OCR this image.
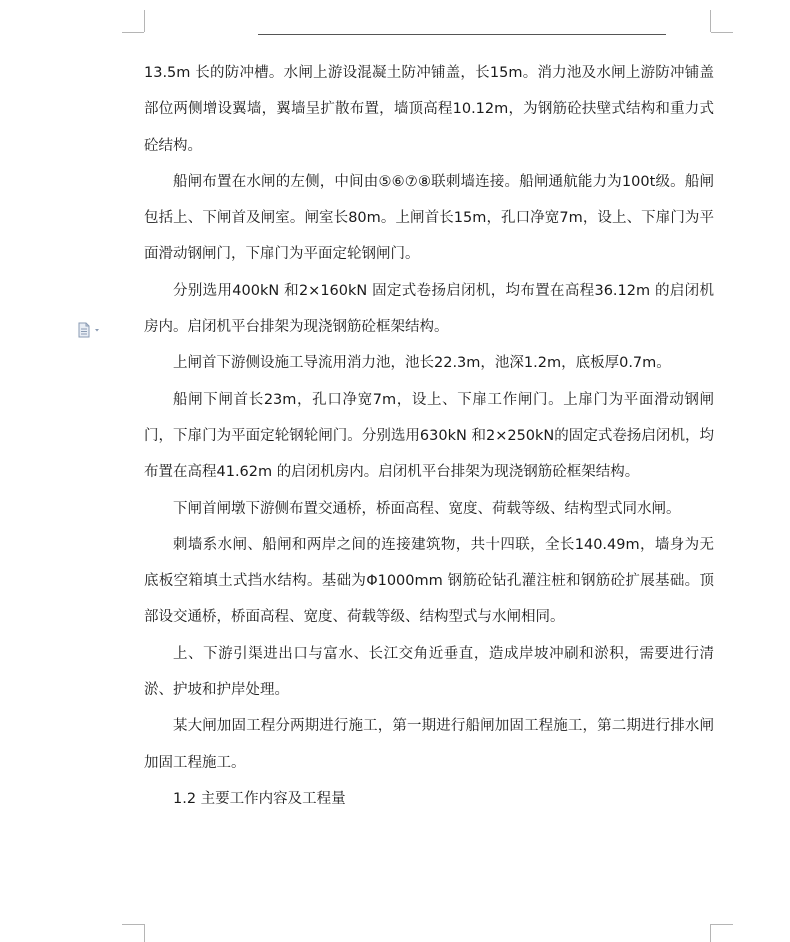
13.5m 长的防冲槽。水闸上游设混凝土防冲铺盖，长15m。消力池及水闸上游防冲铺盖部位两侧增设翼墙，翼墙呈扩散布置，墙顶高程10.12m，为钢筋砼扶壁式结构和重力式砼结构。

船闸布置在水闸的左侧，中间由⑤⑥⑦⑧联刺墙连接。船闸通航能力为100t级。船闸包括上、下闸首及闸室。闸室长80m。上闸首长15m，孔口净宽7m，设上、下扉门为平面滑动钢闸门，下扉门为平面定轮钢闸门。

分别选用400kN 和2×160kN 固定式卷扬启闭机，均布置在高程36.12m 的启闭机房内。启闭机平台排架为现浇钢筋砼框架结构。

上闸首下游侧设施工导流用消力池，池长22.3m，池深1.2m，底板厚0.7m。

船闸下闸首长23m，孔口净宽7m，设上、下扉工作闸门。上扉门为平面滑动钢闸门，下扉门为平面定轮钢轮闸门。分别选用630kN 和2×250kN的固定式卷扬启闭机，均布置在高程41.62m 的启闭机房内。启闭机平台排架为现浇钢筋砼框架结构。

下闸首闸墩下游侧布置交通桥，桥面高程、宽度、荷载等级、结构型式同水闸。

刺墙系水闸、船闸和两岸之间的连接建筑物，共十四联，全长140.49m，墙身为无底板空箱填土式挡水结构。基础为Φ1000mm 钢筋砼钻孔灌注桩和钢筋砼扩展基础。顶部设交通桥，桥面高程、宽度、荷载等级、结构型式与水闸相同。

上、下游引渠进出口与富水、长江交角近垂直，造成岸坡冲刷和淤积，需要进行清淤、护坡和护岸处理。

某大闸加固工程分两期进行施工，第一期进行船闸加固工程施工，第二期进行排水闸加固工程施工。

1.2 主要工作内容及工程量
